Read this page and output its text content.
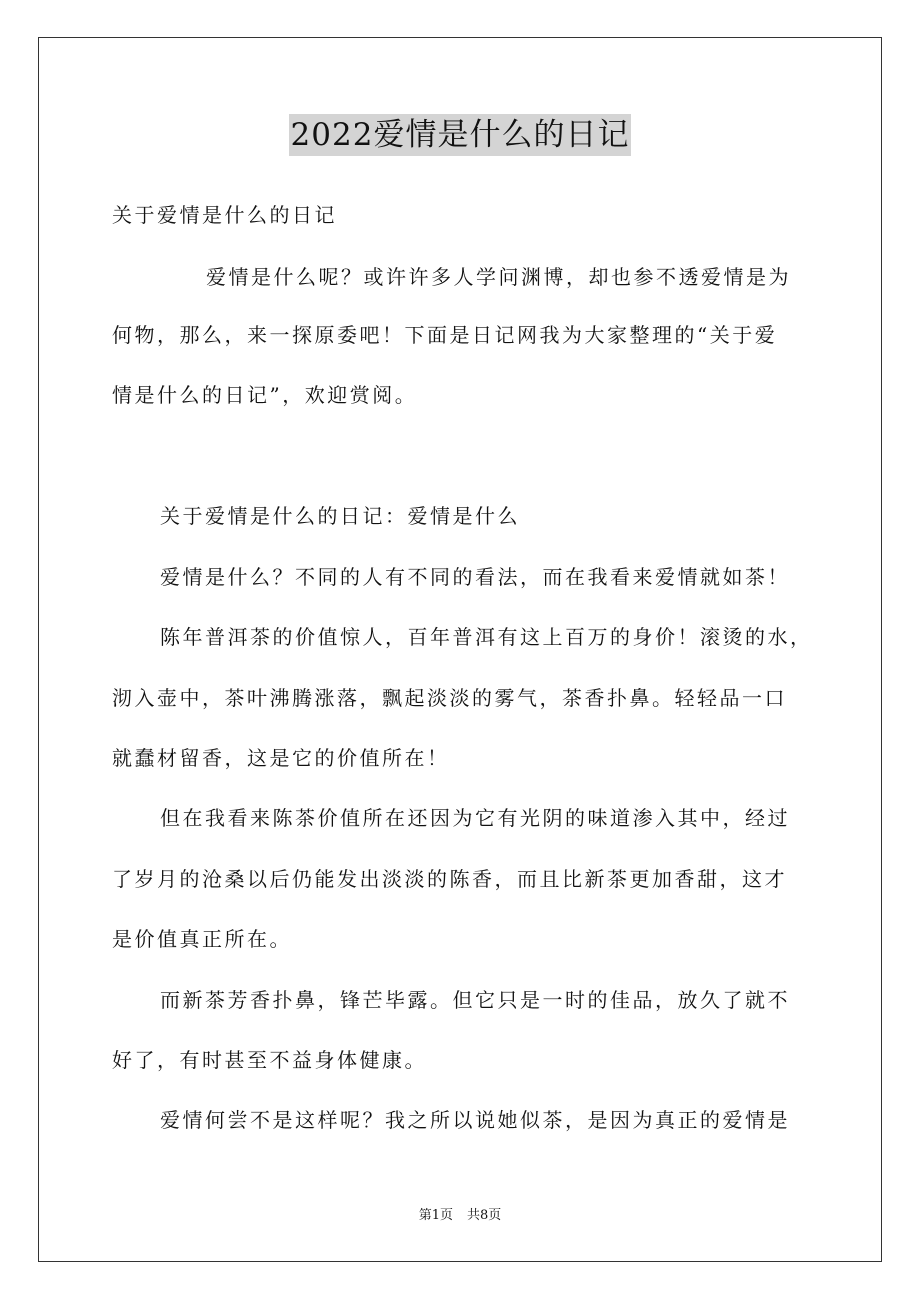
2022爱情是什么的日记
关于爱情是什么的日记
爱情是什么呢？或许许多人学问渊博，却也参不透爱情是为
何物，那么，来一探原委吧！下面是日记网我为大家整理的“关于爱
情是什么的日记”，欢迎赏阅。
关于爱情是什么的日记：爱情是什么
爱情是什么？不同的人有不同的看法，而在我看来爱情就如茶！
陈年普洱茶的价值惊人，百年普洱有这上百万的身价！滚烫的水，
沏入壶中，茶叶沸腾涨落，飘起淡淡的雾气，茶香扑鼻。轻轻品一口
就蠢材留香，这是它的价值所在！
但在我看来陈茶价值所在还因为它有光阴的味道渗入其中，经过
了岁月的沧桑以后仍能发出淡淡的陈香，而且比新茶更加香甜，这才
是价值真正所在。
而新茶芳香扑鼻，锋芒毕露。但它只是一时的佳品，放久了就不
好了，有时甚至不益身体健康。
爱情何尝不是这样呢？我之所以说她似茶，是因为真正的爱情是
第1页 共8页
